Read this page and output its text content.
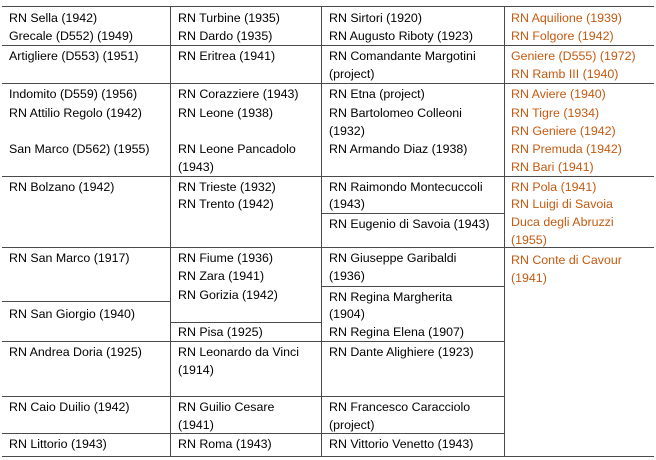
RN Sella (1942)
Grecale (D552) (1949)
Artigliere (D553) (1951)
Indomito (D559) (1956)
RN Attilio Regolo (1942)
San Marco (D562) (1955)
RN Bolzano (1942)
RN San Marco (1917)
RN San Giorgio (1940)
RN Andrea Doria (1925)
RN Caio Duilio (1942)
RN Littorio (1943)
RN Turbine (1935)
RN Dardo (1935)
RN Eritrea (1941)
RN Corazziere (1943)
RN Leone (1938)
RN Leone Pancadolo
(1943)
RN Trieste (1932)
RN Trento (1942)
RN Fiume (1936)
RN Zara (1941)
RN Gorizia (1942)
RN Pisa (1925)
RN Leonardo da Vinci
(1914)
RN Guilio Cesare
(1941)
RN Roma (1943)
RN Sirtori (1920)
RN Augusto Riboty (1923)
RN Comandante Margotini
(project)
RN Etna (project)
RN Bartolomeo Colleoni
(1932)
RN Armando Diaz (1938)
RN Raimondo Montecuccoli
(1943)
RN Eugenio di Savoia (1943)
RN Giuseppe Garibaldi
(1936)
RN Regina Margherita
(1904)
RN Regina Elena (1907)
RN Dante Alighiere (1923)
RN Francesco Caracciolo
(project)
RN Vittorio Venetto (1943)
RN Aquilione (1939)
RN Folgore (1942)
Geniere (D555) (1972)
RN Ramb III (1940)
RN Aviere (1940)
RN Tigre (1934)
RN Geniere (1942)
RN Premuda (1942)
RN Bari (1941)
RN Pola (1941)
RN Luigi di Savoia
Duca degli Abruzzi
(1955)
RN Conte di Cavour
(1941)
